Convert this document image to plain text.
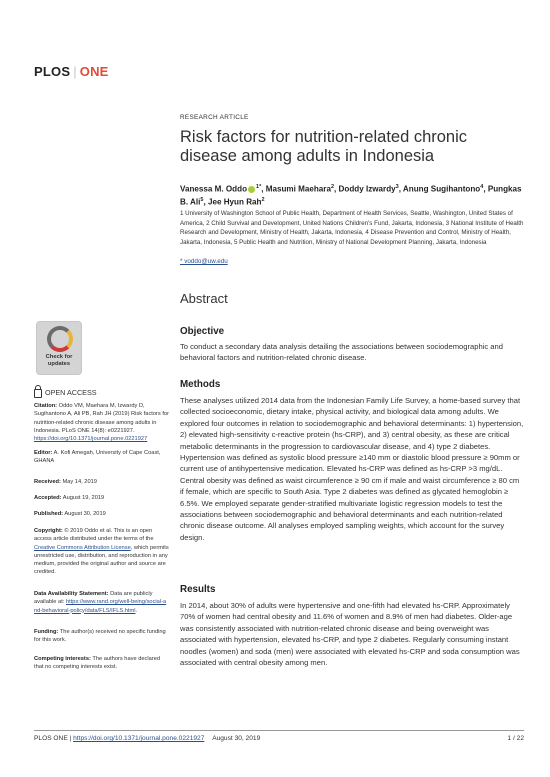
PLOS | ONE
RESEARCH ARTICLE
Risk factors for nutrition-related chronic disease among adults in Indonesia
Vanessa M. Oddo $^{1*}$, Masumi Maehara$^2$, Doddy Izwardy$^3$, Anung Sugihantono$^4$, Pungkas B. Ali$^5$, Jee Hyun Rah$^2$
1 University of Washington School of Public Health, Department of Health Services, Seattle, Washington, United States of America, 2 Child Survival and Development, United Nations Children's Fund, Jakarta, Indonesia, 3 National Institute of Health Research and Development, Ministry of Health, Jakarta, Indonesia, 4 Disease Prevention and Control, Ministry of Health, Jakarta, Indonesia, 5 Public Health and Nutrition, Ministry of National Development Planning, Jakarta, Indonesia
* voddo@uw.edu
Abstract
Objective
To conduct a secondary data analysis detailing the associations between sociodemographic and behavioral factors and nutrition-related chronic disease.
Methods
These analyses utilized 2014 data from the Indonesian Family Life Survey, a home-based survey that collected socioeconomic, dietary intake, physical activity, and biological data among adults. We explored four outcomes in relation to sociodemographic and behavioral determinants: 1) hypertension, 2) elevated high-sensitivity c-reactive protein (hs-CRP), and 3) central obesity, as these are critical metabolic determinants in the progression to cardiovascular disease, and 4) type 2 diabetes. Hypertension was defined as systolic blood pressure ≥140 mm or diastolic blood pressure ≥ 90mm or current use of antihypertensive medication. Elevated hs-CRP was defined as hs-CRP >3 mg/dL. Central obesity was defined as waist circumference ≥ 90 cm if male and waist circumference ≥ 80 cm if female, which are specific to South Asia. Type 2 diabetes was defined as glycated hemoglobin ≥ 6.5%. We employed separate gender-stratified multivariate logistic regression models to test the associations between sociodemographic and behavioral determinants and each nutrition-related chronic disease outcome. All analyses employed sampling weights, which account for the survey design.
Results
In 2014, about 30% of adults were hypertensive and one-fifth had elevated hs-CRP. Approximately 70% of women had central obesity and 11.6% of women and 8.9% of men had diabetes. Older-age was consistently associated with nutrition-related chronic disease and being overweight was associated with hypertension, elevated hs-CRP, and type 2 diabetes. Regularly consuming instant noodles (women) and soda (men) were associated with elevated hs-CRP and soda consumption was associated with central obesity among men.
Check for
updates
OPEN ACCESS
Citation: Oddo VM, Maehara M, Izwardy D, Sugihantono A, Ali PB, Rah JH (2019) Risk factors for nutrition-related chronic disease among adults in Indonesia. PLoS ONE 14(8): e0221927. https://doi.org/10.1371/journal.pone.0221927
Editor: A. Kofi Amegah, University of Cape Coast, GHANA
Received: May 14, 2019
Accepted: August 19, 2019
Published: August 30, 2019
Copyright: © 2019 Oddo et al. This is an open access article distributed under the terms of the Creative Commons Attribution License, which permits unrestricted use, distribution, and reproduction in any medium, provided the original author and source are credited.
Data Availability Statement: Data are publicly available at: https://www.rand.org/well-being/social-and-behavioral-policy/data/FLS/IFLS.html.
Funding: The author(s) received no specific funding for this work.
Competing interests: The authors have declared that no competing interests exist.
PLOS ONE | https://doi.org/10.1371/journal.pone.0221927 August 30, 2019	1 / 22
